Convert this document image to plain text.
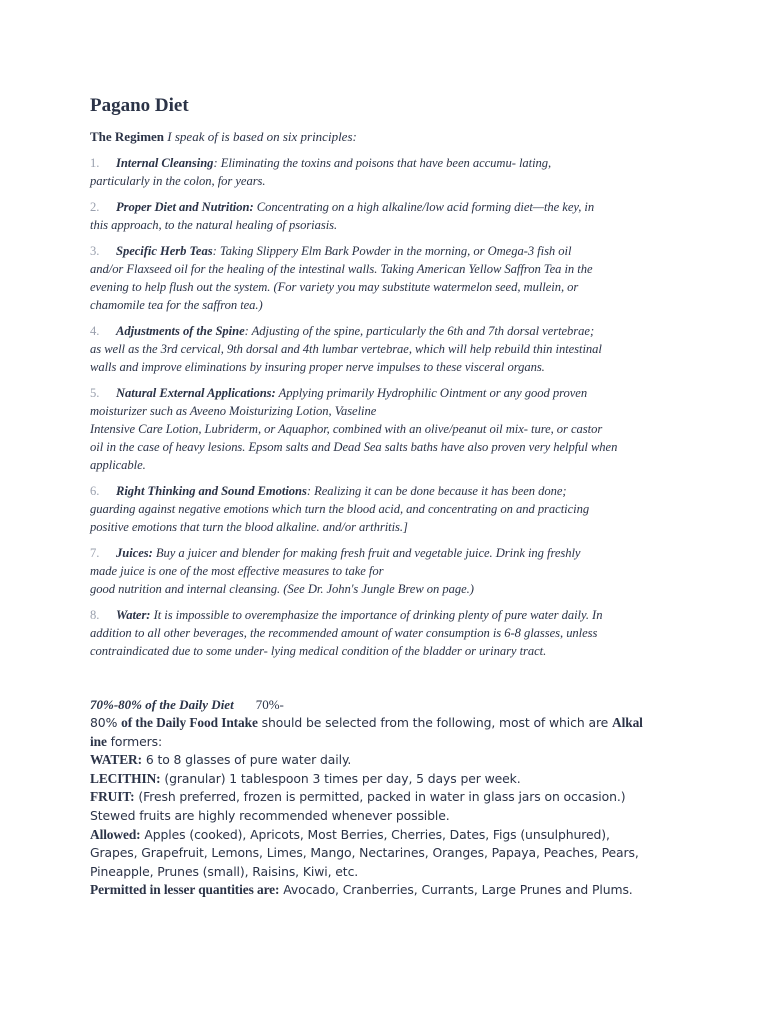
Pagano Diet

The Regimen I speak of is based on six principles:

1. Internal Cleansing: Eliminating the toxins and poisons that have been accumu- lating,
particularly in the colon, for years.
2. Proper Diet and Nutrition: Concentrating on a high alkaline/low acid forming diet—the key, in
this approach, to the natural healing of psoriasis.
3. Specific Herb Teas: Taking Slippery Elm Bark Powder in the morning, or Omega-3 fish oil
and/or Flaxseed oil for the healing of the intestinal walls. Taking American Yellow Saffron Tea in the
evening to help flush out the system. (For variety you may substitute watermelon seed, mullein, or
chamomile tea for the saffron tea.)
4. Adjustments of the Spine: Adjusting of the spine, particularly the 6th and 7th dorsal vertebrae;
as well as the 3rd cervical, 9th dorsal and 4th lumbar vertebrae, which will help rebuild thin intestinal
walls and improve eliminations by insuring proper nerve impulses to these visceral organs.
5. Natural External Applications: Applying primarily Hydrophilic Ointment or any good proven
moisturizer such as Aveeno Moisturizing Lotion, Vaseline
Intensive Care Lotion, Lubriderm, or Aquaphor, combined with an olive/peanut oil mix- ture, or castor
oil in the case of heavy lesions. Epsom salts and Dead Sea salts baths have also proven very helpful when
applicable.
6. Right Thinking and Sound Emotions: Realizing it can be done because it has been done;
guarding against negative emotions which turn the blood acid, and concentrating on and practicing
positive emotions that turn the blood alkaline. and/or arthritis.]
7. Juices: Buy a juicer and blender for making fresh fruit and vegetable juice. Drink ing freshly
made juice is one of the most effective measures to take for
good nutrition and internal cleansing. (See Dr. John's Jungle Brew on page.)
8. Water: It is impossible to overemphasize the importance of drinking plenty of pure water daily. In
addition to all other beverages, the recommended amount of water consumption is 6-8 glasses, unless
contraindicated due to some under- lying medical condition of the bladder or urinary tract.
70%-80% of the Daily Diet 70%-
80% of the Daily Food Intake should be selected from the following, most of which are Alkal
ine formers:
WATER: 6 to 8 glasses of pure water daily.
LECITHIN: (granular) 1 tablespoon 3 times per day, 5 days per week.
FRUIT: (Fresh preferred, frozen is permitted, packed in water in glass jars on occasion.)
Stewed fruits are highly recommended whenever possible.
Allowed: Apples (cooked), Apricots, Most Berries, Cherries, Dates, Figs (unsulphured),
Grapes, Grapefruit, Lemons, Limes, Mango, Nectarines, Oranges, Papaya, Peaches, Pears,
Pineapple, Prunes (small), Raisins, Kiwi, etc.
Permitted in lesser quantities are: Avocado, Cranberries, Currants, Large Prunes and Plums.
